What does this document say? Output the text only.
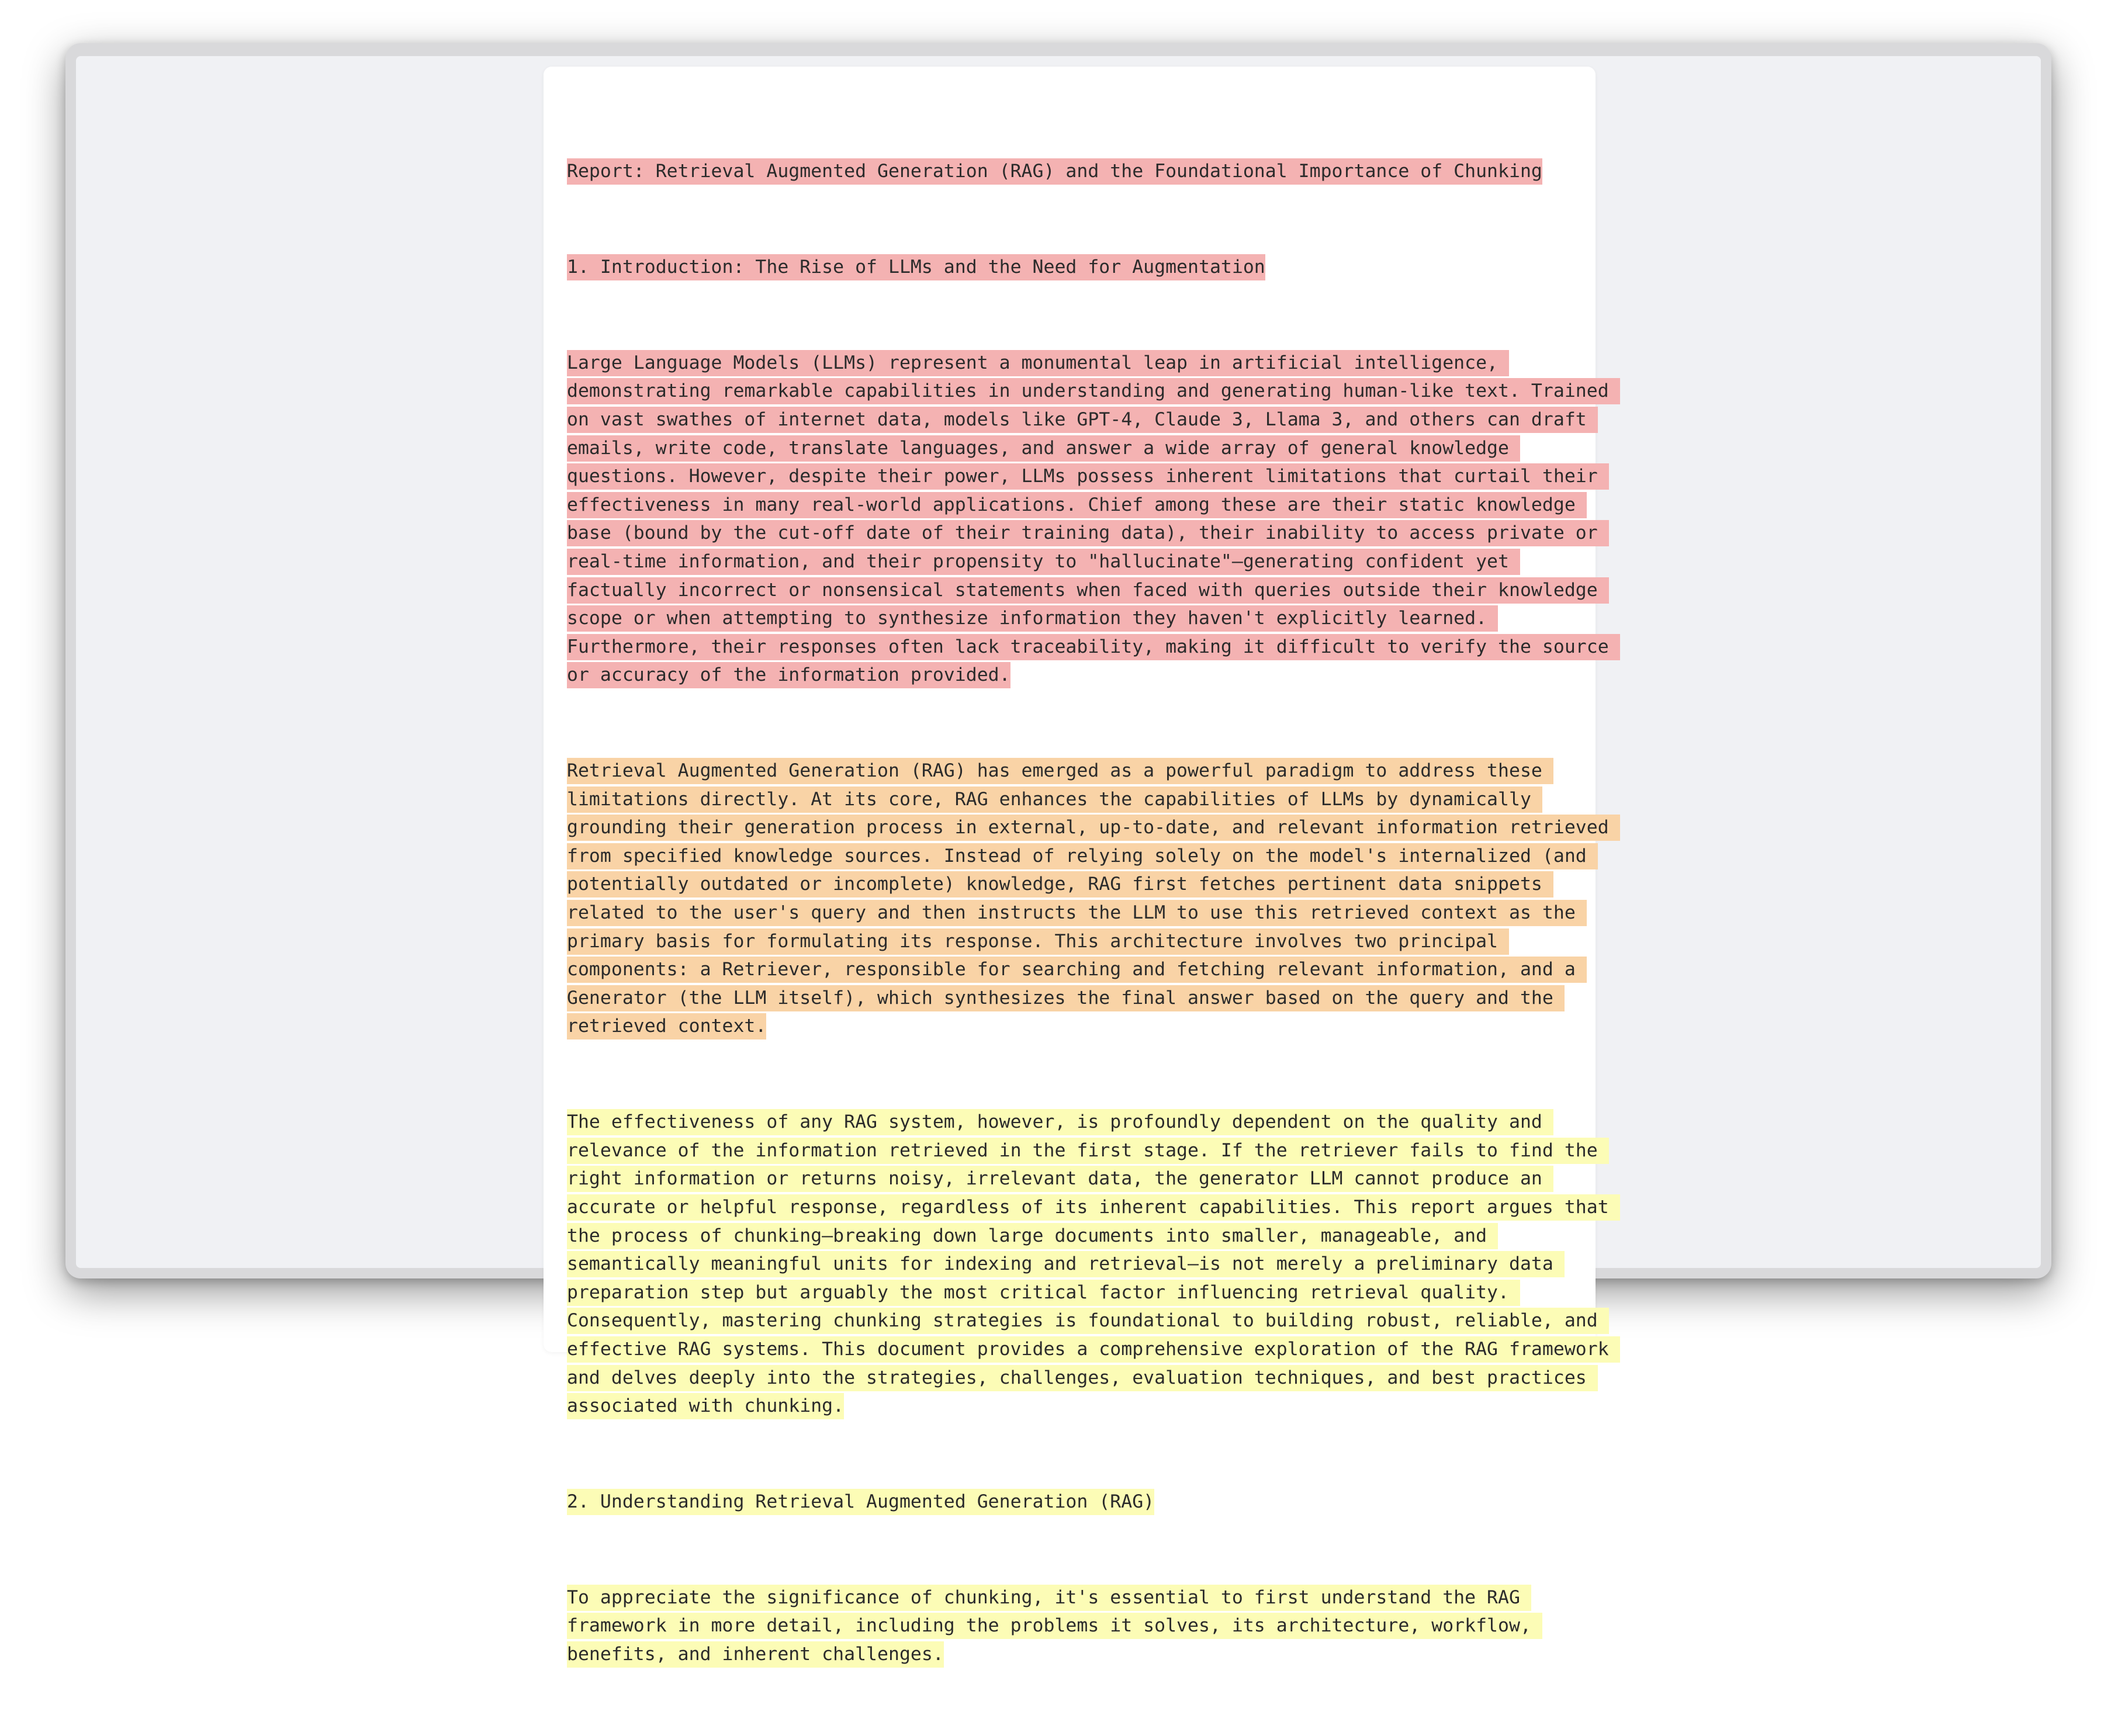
Report: Retrieval Augmented Generation (RAG) and the Foundational Importance of Chunking

1. Introduction: The Rise of LLMs and the Need for Augmentation

Large Language Models (LLMs) represent a monumental leap in artificial intelligence,
demonstrating remarkable capabilities in understanding and generating human-like text. Trained
on vast swathes of internet data, models like GPT-4, Claude 3, Llama 3, and others can draft
emails, write code, translate languages, and answer a wide array of general knowledge
questions. However, despite their power, LLMs possess inherent limitations that curtail their
effectiveness in many real-world applications. Chief among these are their static knowledge
base (bound by the cut-off date of their training data), their inability to access private or
real-time information, and their propensity to "hallucinate"—generating confident yet
factually incorrect or nonsensical statements when faced with queries outside their knowledge
scope or when attempting to synthesize information they haven't explicitly learned.
Furthermore, their responses often lack traceability, making it difficult to verify the source
or accuracy of the information provided.

Retrieval Augmented Generation (RAG) has emerged as a powerful paradigm to address these
limitations directly. At its core, RAG enhances the capabilities of LLMs by dynamically
grounding their generation process in external, up-to-date, and relevant information retrieved
from specified knowledge sources. Instead of relying solely on the model's internalized (and
potentially outdated or incomplete) knowledge, RAG first fetches pertinent data snippets
related to the user's query and then instructs the LLM to use this retrieved context as the
primary basis for formulating its response. This architecture involves two principal
components: a Retriever, responsible for searching and fetching relevant information, and a
Generator (the LLM itself), which synthesizes the final answer based on the query and the
retrieved context.

The effectiveness of any RAG system, however, is profoundly dependent on the quality and
relevance of the information retrieved in the first stage. If the retriever fails to find the
right information or returns noisy, irrelevant data, the generator LLM cannot produce an
accurate or helpful response, regardless of its inherent capabilities. This report argues that
the process of chunking—breaking down large documents into smaller, manageable, and
semantically meaningful units for indexing and retrieval—is not merely a preliminary data
preparation step but arguably the most critical factor influencing retrieval quality.
Consequently, mastering chunking strategies is foundational to building robust, reliable, and
effective RAG systems. This document provides a comprehensive exploration of the RAG framework
and delves deeply into the strategies, challenges, evaluation techniques, and best practices
associated with chunking.

2. Understanding Retrieval Augmented Generation (RAG)

To appreciate the significance of chunking, it's essential to first understand the RAG
framework in more detail, including the problems it solves, its architecture, workflow,
benefits, and inherent challenges.
